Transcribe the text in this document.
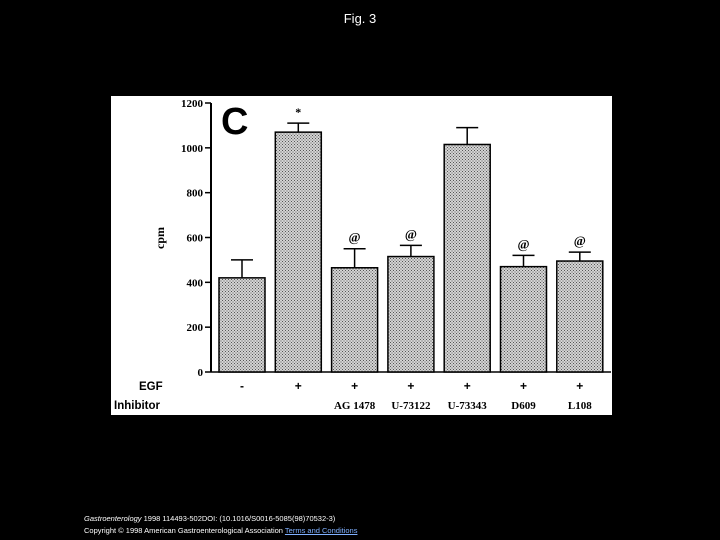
Fig. 3
0
200
400
600
800
1000
1200
cpm
C	*
@	@
@	@
EGF
Inhibitor
-	+	+
AG 1478
+
U-73122
+
U-73343
+
D609
+
L108
Gastroenterology 1998 114493-502DOI: (10.1016/S0016-5085(98)70532-3)
Copyright © 1998 American Gastroenterological Association Terms and Conditions
